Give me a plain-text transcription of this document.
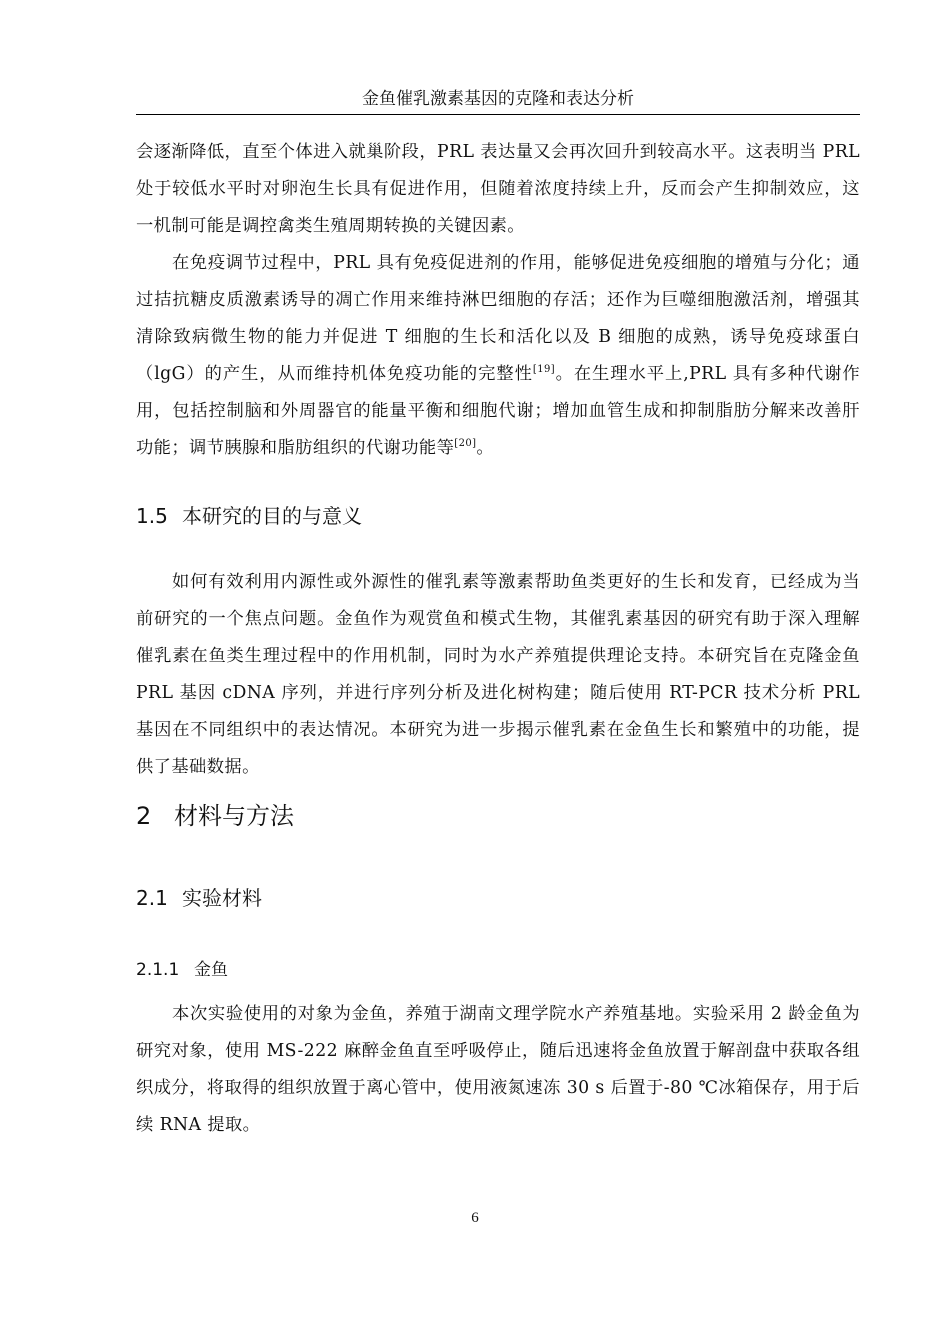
金鱼催乳激素基因的克隆和表达分析

会逐渐降低，直至个体进入就巢阶段，PRL 表达量又会再次回升到较高水平。这表明当 PRL 处于较低水平时对卵泡生长具有促进作用，但随着浓度持续上升，反而会产生抑制效应，这一机制可能是调控禽类生殖周期转换的关键因素。

在免疫调节过程中，PRL 具有免疫促进剂的作用，能够促进免疫细胞的增殖与分化；通过拮抗糖皮质激素诱导的凋亡作用来维持淋巴细胞的存活；还作为巨噬细胞激活剂，增强其清除致病微生物的能力并促进 T 细胞的生长和活化以及 B 细胞的成熟，诱导免疫球蛋白（lgG）的产生，从而维持机体免疫功能的完整性[19]。在生理水平上,PRL 具有多种代谢作用，包括控制脑和外周器官的能量平衡和细胞代谢；增加血管生成和抑制脂肪分解来改善肝功能；调节胰腺和脂肪组织的代谢功能等[20]。

1.5 本研究的目的与意义

如何有效利用内源性或外源性的催乳素等激素帮助鱼类更好的生长和发育，已经成为当前研究的一个焦点问题。金鱼作为观赏鱼和模式生物，其催乳素基因的研究有助于深入理解催乳素在鱼类生理过程中的作用机制，同时为水产养殖提供理论支持。本研究旨在克隆金鱼 PRL 基因 cDNA 序列，并进行序列分析及进化树构建；随后使用 RT-PCR 技术分析 PRL 基因在不同组织中的表达情况。本研究为进一步揭示催乳素在金鱼生长和繁殖中的功能，提供了基础数据。

2 材料与方法
2.1 实验材料
2.1.1 金鱼

本次实验使用的对象为金鱼，养殖于湖南文理学院水产养殖基地。实验采用 2 龄金鱼为研究对象，使用 MS-222 麻醉金鱼直至呼吸停止，随后迅速将金鱼放置于解剖盘中获取各组织成分，将取得的组织放置于离心管中，使用液氮速冻 30 s 后置于-80 ℃冰箱保存，用于后续 RNA 提取。

6
